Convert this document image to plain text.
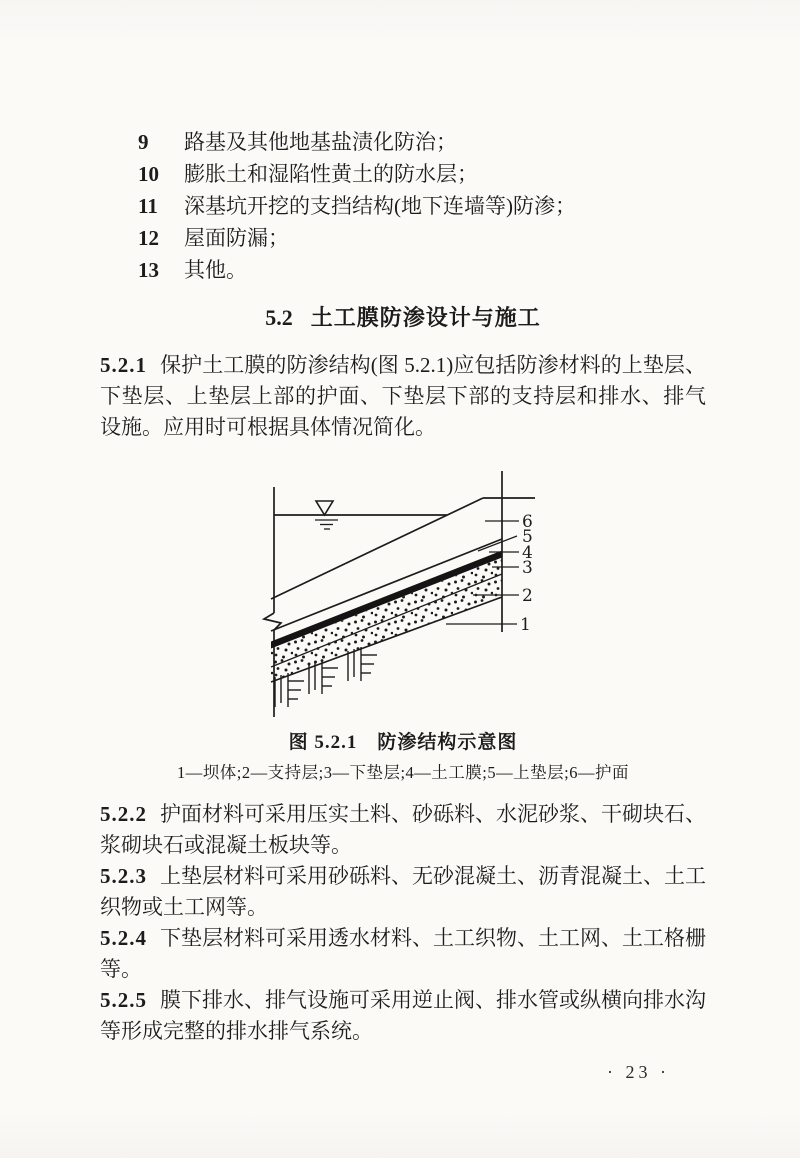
9 路基及其他地基盐渍化防治；
10 膨胀土和湿陷性黄土的防水层；
11 深基坑开挖的支挡结构(地下连墙等)防渗；
12 屋面防漏；
13 其他。
5.2 土工膜防渗设计与施工

5.2.1 保护土工膜的防渗结构(图 5.2.1)应包括防渗材料的上垫层、下垫层、上垫层上部的护面、下垫层下部的支持层和排水、排气设施。应用时可根据具体情况简化。

6
5
4
3
2
1
图 5.2.1　防渗结构示意图
1—坝体;2—支持层;3—下垫层;4—土工膜;5—上垫层;6—护面

5.2.2 护面材料可采用压实土料、砂砾料、水泥砂浆、干砌块石、浆砌块石或混凝土板块等。

5.2.3 上垫层材料可采用砂砾料、无砂混凝土、沥青混凝土、土工织物或土工网等。

5.2.4 下垫层材料可采用透水材料、土工织物、土工网、土工格栅等。

5.2.5 膜下排水、排气设施可采用逆止阀、排水管或纵横向排水沟等形成完整的排水排气系统。

· 23 ·
